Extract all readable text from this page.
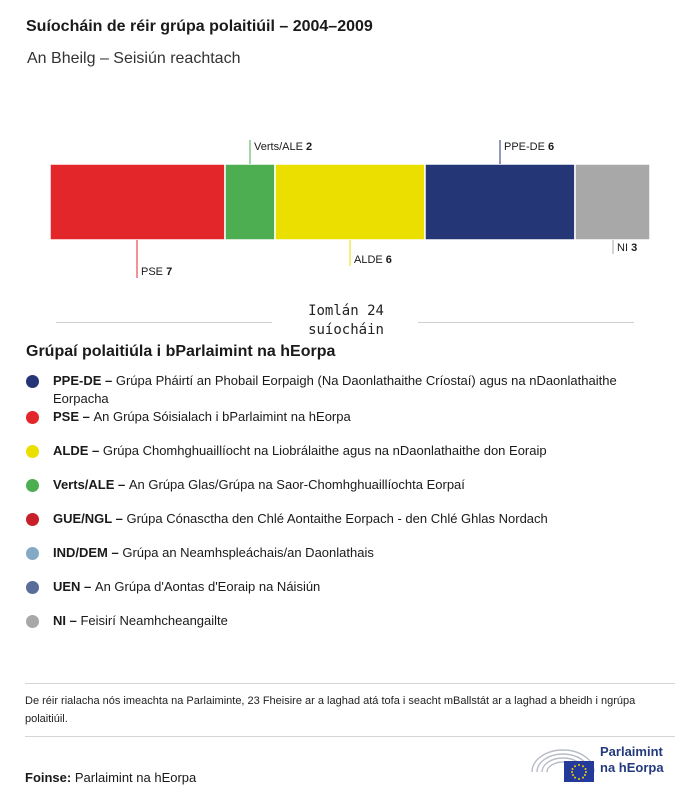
Suíocháin de réir grúpa polaitiúil – 2004–2009

An Bheilg – Seisiún reachtach

PSE 7
Verts/ALE 2
ALDE 6
PPE-DE 6
NI 3
Iomlán 24 suíocháin
Grúpaí polaitiúla i bParlaimint na hEorpa
PPE-DE – Grúpa Pháirtí an Phobail Eorpaigh (Na Daonlathaithe Críostaí) agus na nDaonlathaithe Eorpacha
PSE – An Grúpa Sóisialach i bParlaimint na hEorpa
ALDE – Grúpa Chomhghuaillíocht na Liobrálaithe agus na nDaonlathaithe don Eoraip
Verts/ALE – An Grúpa Glas/Grúpa na Saor-Chomhghuaillíochta Eorpaí
GUE/NGL – Grúpa Cónasctha den Chlé Aontaithe Eorpach - den Chlé Ghlas Nordach
IND/DEM – Grúpa an Neamhspleáchais/an Daonlathais
UEN – An Grúpa d'Aontas d'Eoraip na Náisiún
NI – Feisirí Neamhcheangailte
De réir rialacha nós imeachta na Parlaiminte, 23 Fheisire ar a laghad atá tofa i seacht mBallstát ar a laghad a bheidh i ngrúpa polaitiúil.
Foinse: Parlaimint na hEorpa
Parlaimint
na hEorpa
